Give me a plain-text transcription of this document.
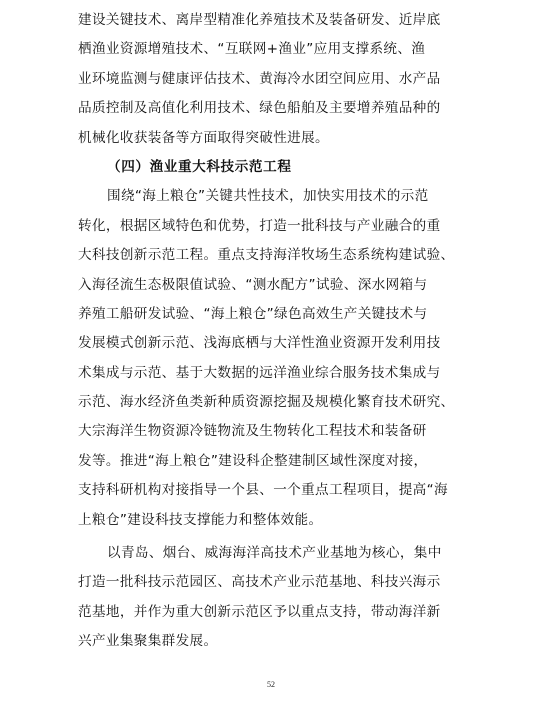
建设关键技术、离岸型精准化养殖技术及装备研发、近岸底
栖渔业资源增殖技术、“互联网+渔业”应用支撑系统、渔
业环境监测与健康评估技术、黄海冷水团空间应用、水产品
品质控制及高值化利用技术、绿色船舶及主要增养殖品种的
机械化收获装备等方面取得突破性进展。
（四）渔业重大科技示范工程
围绕“海上粮仓”关键共性技术，加快实用技术的示范
转化，根据区域特色和优势，打造一批科技与产业融合的重
大科技创新示范工程。重点支持海洋牧场生态系统构建试验、
入海径流生态极限值试验、“测水配方”试验、深水网箱与
养殖工船研发试验、“海上粮仓”绿色高效生产关键技术与
发展模式创新示范、浅海底栖与大洋性渔业资源开发利用技
术集成与示范、基于大数据的远洋渔业综合服务技术集成与
示范、海水经济鱼类新种质资源挖掘及规模化繁育技术研究、
大宗海洋生物资源冷链物流及生物转化工程技术和装备研
发等。推进“海上粮仓”建设科企整建制区域性深度对接，
支持科研机构对接指导一个县、一个重点工程项目，提高“海
上粮仓”建设科技支撑能力和整体效能。
以青岛、烟台、威海海洋高技术产业基地为核心，集中
打造一批科技示范园区、高技术产业示范基地、科技兴海示
范基地，并作为重大创新示范区予以重点支持，带动海洋新
兴产业集聚集群发展。
52
